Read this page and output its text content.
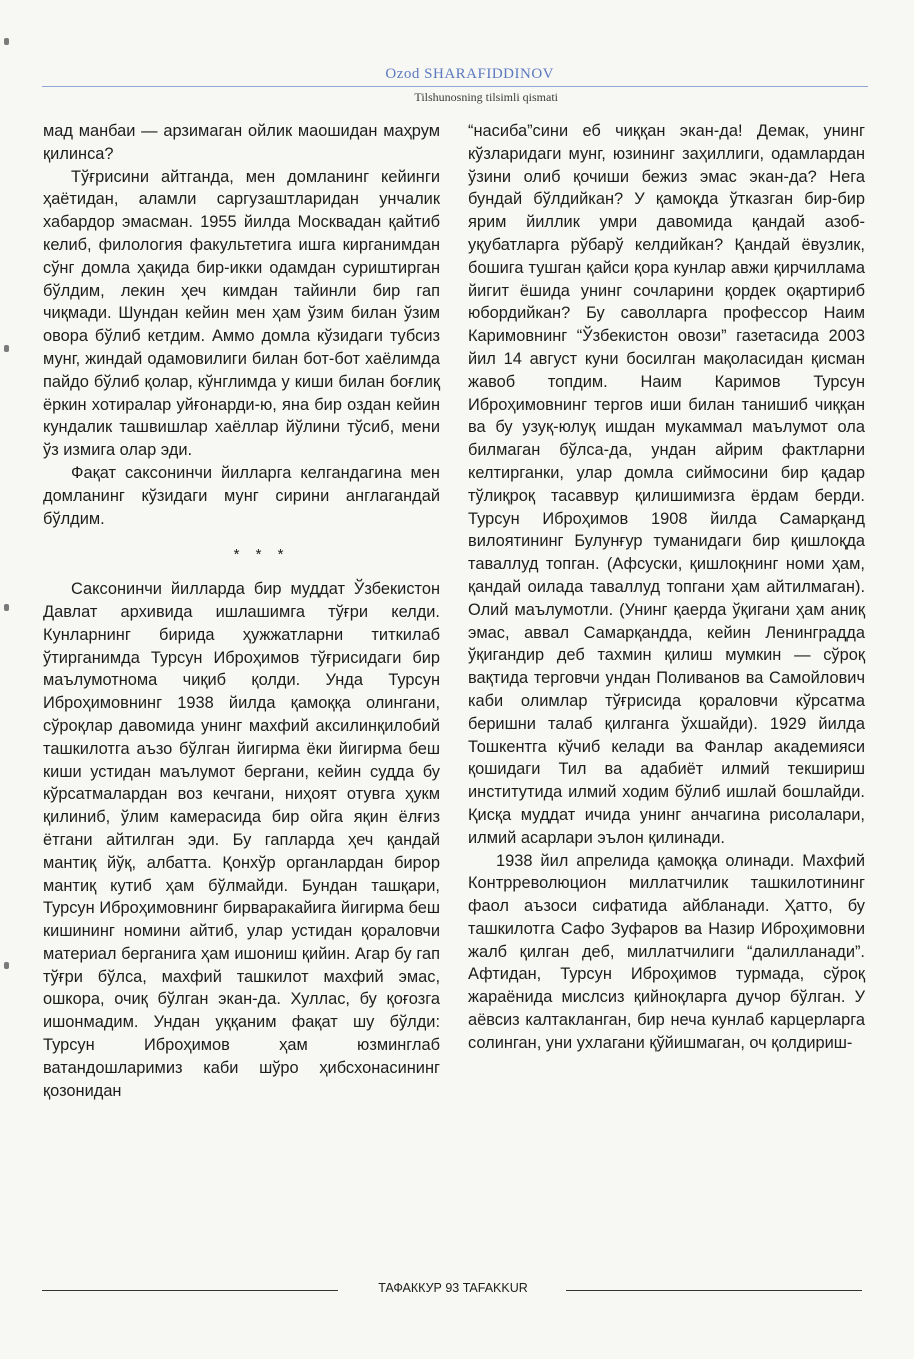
Ozod SHARAFIDDINOV
Tilshunosning tilsimli qismati

мад манбаи — арзимаган ойлик маошидан маҳрум қилинса?

Тўғрисини айтганда, мен домланинг кейинги ҳаётидан, аламли саргузаштларидан унчалик хабардор эмасман. 1955 йилда Москвадан қайтиб келиб, филология факультетига ишга кирганимдан сўнг домла ҳақида бир-икки одамдан суриштирган бўлдим, лекин ҳеч кимдан тайинли бир гап чиқмади. Шундан кейин мен ҳам ўзим билан ўзим овора бўлиб кетдим. Аммо домла кўзидаги тубсиз мунг, жиндай одамовилиги билан бот-бот хаёлимда пайдо бўлиб қолар, кўнглимда у киши билан боғлиқ ёркин хотиралар уйғонарди-ю, яна бир оздан кейин кундалик ташвишлар хаёллар йўлини тўсиб, мени ўз измига олар эди.

Фақат саксонинчи йилларга келгандагина мен домланинг кўзидаги мунг сирини англагандай бўлдим.

* * *

Саксонинчи йилларда бир муддат Ўзбекистон Давлат архивида ишлашимга тўғри келди. Кунларнинг бирида ҳужжатларни титкилаб ўтирганимда Турсун Иброҳимов тўғрисидаги бир маълумотнома чиқиб қолди. Унда Турсун Иброҳимовнинг 1938 йилда қамоққа олингани, сўроқлар давомида унинг махфий аксилинқилобий ташкилотга аъзо бўлган йигирма ёки йигирма беш киши устидан маълумот бергани, кейин судда бу кўрсатмалардан воз кечгани, ниҳоят отувга ҳукм қилиниб, ўлим камерасида бир ойга яқин ёлғиз ётгани айтилган эди. Бу гапларда ҳеч қандай мантиқ йўқ, албатта. Қонхўр органлардан бирор мантиқ кутиб ҳам бўлмайди. Бундан ташқари, Турсун Иброҳимовнинг бирваракайига йигирма беш кишининг номини айтиб, улар устидан қораловчи материал берганига ҳам ишониш қийин. Агар бу гап тўғри бўлса, махфий ташкилот махфий эмас, ошкора, очиқ бўлган экан-да. Хуллас, бу қоғозга ишонмадим. Ундан уққаним фақат шу бўлди: Турсун Иброҳимов ҳам юзминглаб ватандошларимиз каби шўро ҳибсхонасининг қозонидан

“насиба”сини еб чиққан экан-да! Демак, унинг кўзларидаги мунг, юзининг заҳиллиги, одамлардан ўзини олиб қочиши бежиз эмас экан-да? Нега бундай бўлдийкан? У қамоқда ўтказган бир-бир ярим йиллик умри давомида қандай азоб-уқубатларга рўбарў келдийкан? Қандай ёвузлик, бошига тушган қайси қора кунлар авжи қирчиллама йигит ёшида унинг сочларини қордек оқартириб юбордийкан? Бу саволларга профессор Наим Каримовнинг “Ўзбекистон овози” газетасида 2003 йил 14 август куни босилган мақоласидан қисман жавоб топдим. Наим Каримов Турсун Иброҳимовнинг тергов иши билан танишиб чиққан ва бу узуқ-юлуқ ишдан мукаммал маълумот ола билмаган бўлса-да, ундан айрим фактларни келтирганки, улар домла сиймосини бир қадар тўлиқроқ тасаввур қилишимизга ёрдам берди. Турсун Иброҳимов 1908 йилда Самарқанд вилоятининг Булунғур туманидаги бир қишлоқда таваллуд топган. (Афсуски, қишлоқнинг номи ҳам, қандай оилада таваллуд топгани ҳам айтилмаган). Олий маълумотли. (Унинг қаерда ўқигани ҳам аниқ эмас, аввал Самарқандда, кейин Ленинградда ўқигандир деб тахмин қилиш мумкин — сўроқ вақтида терговчи ундан Поливанов ва Самойлович каби олимлар тўғрисида қораловчи кўрсатма беришни талаб қилганга ўхшайди). 1929 йилда Тошкентга кўчиб келади ва Фанлар академияси қошидаги Тил ва адабиёт илмий текшириш институтида илмий ходим бўлиб ишлай бошлайди. Қисқа муддат ичида унинг анчагина рисолалари, илмий асарлари эълон қилинади.

1938 йил апрелида қамоққа олинади. Махфий Контрреволюцион миллатчилик ташкилотининг фаол аъзоси сифатида айбланади. Ҳатто, бу ташкилотга Сафо Зуфаров ва Назир Иброҳимовни жалб қилган деб, миллатчилиги “далилланади”. Афтидан, Турсун Иброҳимов турмада, сўроқ жараёнида мислсиз қийноқларга дучор бўлган. У аёвсиз калтакланган, бир неча кунлаб карцерларга солинган, уни ухлагани қўйишмаган, оч қолдириш-

ТАФАККУР 93 TAFAKKUR
